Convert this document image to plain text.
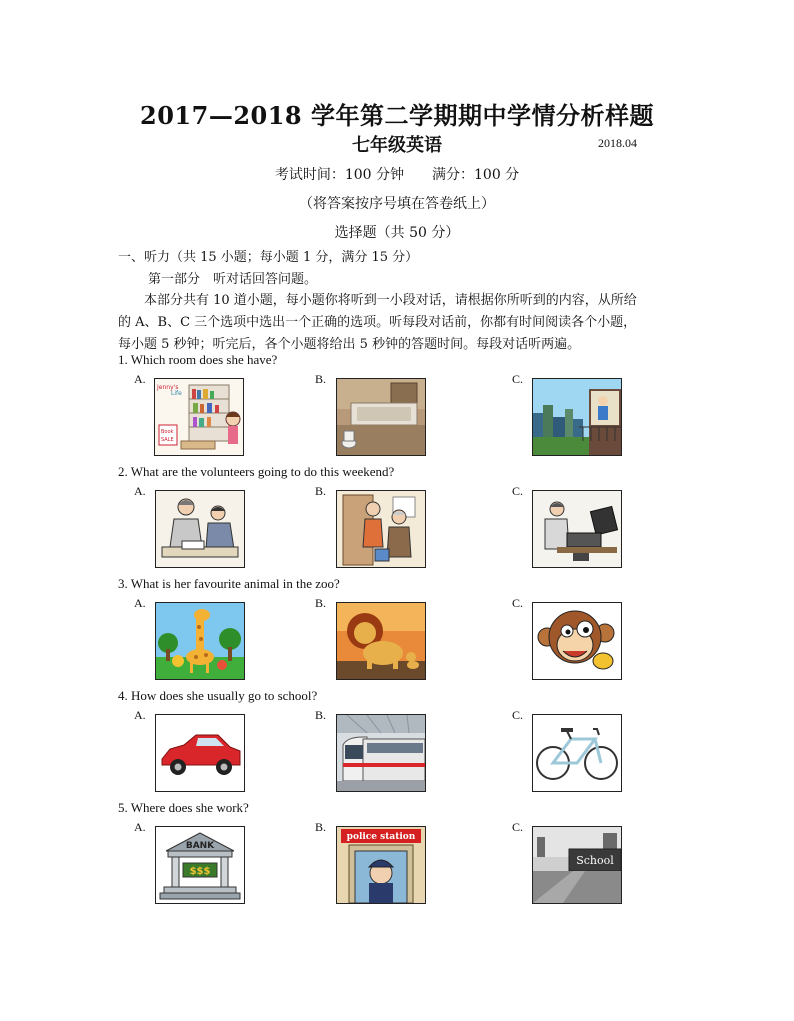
2017—2018 学年第二学期期中学情分析样题
七年级英语	2018.04
考试时间：100 分钟　　满分：100 分
（将答案按序号填在答卷纸上）
选择题（共 50 分）
一、听力（共 15 小题；每小题 1 分，满分 15 分）
第一部分　听对话回答问题。

　　本部分共有 10 道小题，每小题你将听到一小段对话，请根据你所听到的内容，从所给

的 A、B、C 三个选项中选出一个正确的选项。听每段对话前，你都有时间阅读各个小题，

每小题 5 秒钟；听完后，各个小题将给出 5 秒钟的答题时间。每段对话听两遍。

1. Which room does she have?
A.	B.	C.
Jenny's
Life
Book
SALE
2. What are the volunteers going to do this weekend?
A.	B.	C.
3. What is her favourite animal in the zoo?
A.	B.	C.
4. How does she usually go to school?
A.	B.	C.
5. Where does she work?
A.	B.	C.
BANK
$$$
police station
School
